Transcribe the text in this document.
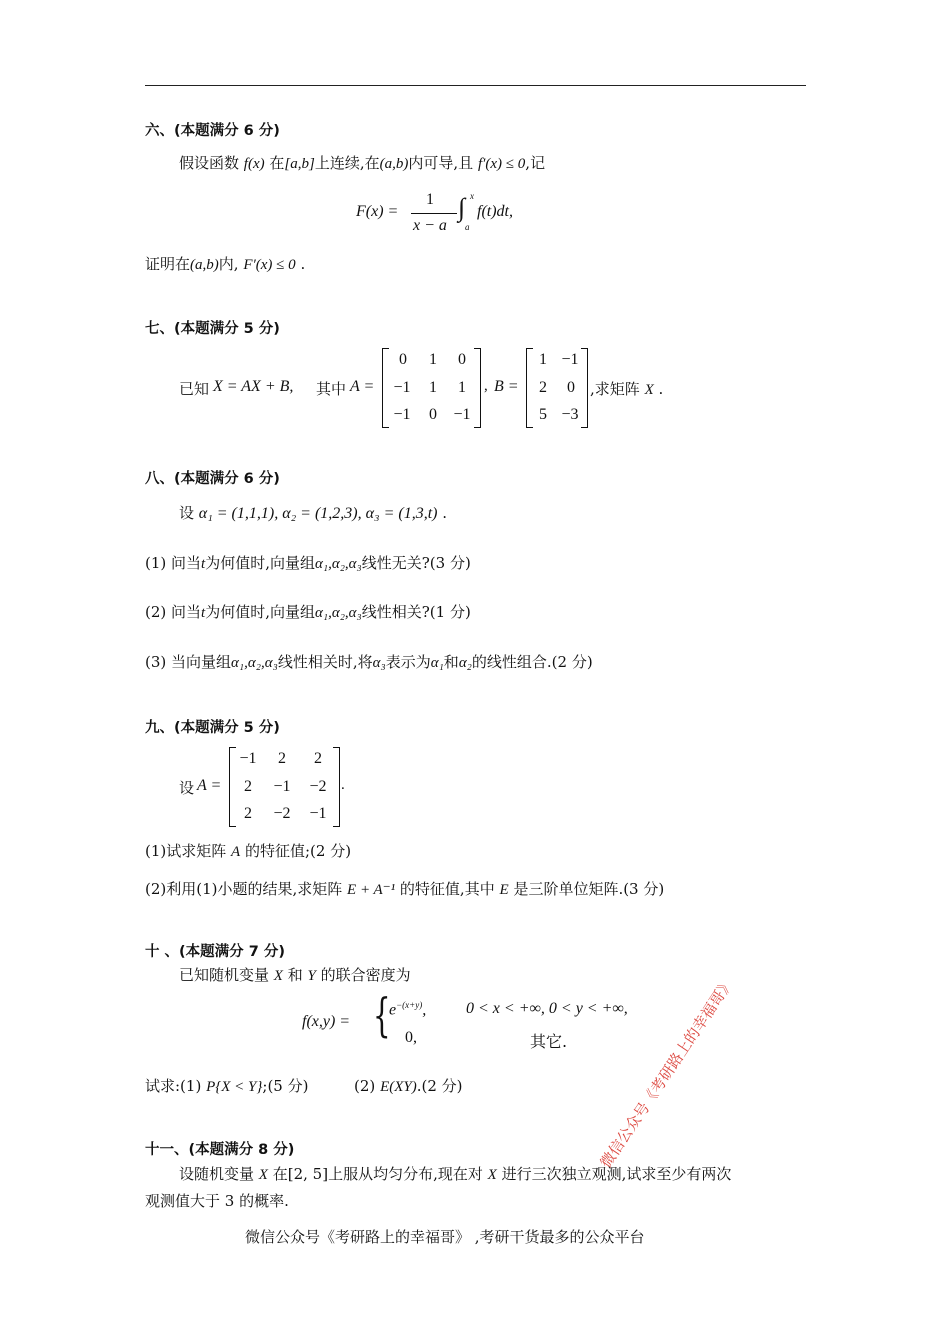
六、(本题满分 6 分)
假设函数 f(x) 在[a,b]上连续,在(a,b)内可导,且 f′(x) ≤ 0,记
F(x) =
1
x − a
∫ x
a
f(t)dt,
证明在(a,b)内, F′(x) ≤ 0 .
七、(本题满分 5 分)
已知 X = AX + B, 其中 A =
0	1	0
−1	1	1
−1	0	−1
, B =
1 −1
2	0
5 −3
,求矩阵 X .
八、(本题满分 6 分)
设 α₁ = (1,1,1), α₂ = (1,2,3), α₃ = (1,3,t) .
(1) 问当t为何值时,向量组α₁,α₂,α₃线性无关?(3 分)
(2) 问当t为何值时,向量组α₁,α₂,α₃线性相关?(1 分)
(3) 当向量组α₁,α₂,α₃线性相关时,将α₃表示为α₁和α₂的线性组合.(2 分)
九、(本题满分 5 分)
设 A =
−1	2	2
2	−1	−2
2	−2	−1
.
(1)试求矩阵 A 的特征值;(2 分)
(2)利用(1)小题的结果,求矩阵 E + A⁻¹ 的特征值,其中 E 是三阶单位矩阵.(3 分)
十 、(本题满分 7 分)
已知随机变量 X 和 Y 的联合密度为
f(x,y) = {
$e^{-(x+y)}$, 0 < x < +∞, 0 < y < +∞,
0,	其它.
试求:(1) P{X < Y};(5 分)	(2) E(XY).(2 分)
十一、(本题满分 8 分)
设随机变量 X 在[2, 5]上服从均匀分布,现在对 X 进行三次独立观测,试求至少有两次
观测值大于 3 的概率.
微信公众号《考研路上的幸福哥》 ,考研干货最多的公众平台
微信公众号《考研路上的幸福哥》
